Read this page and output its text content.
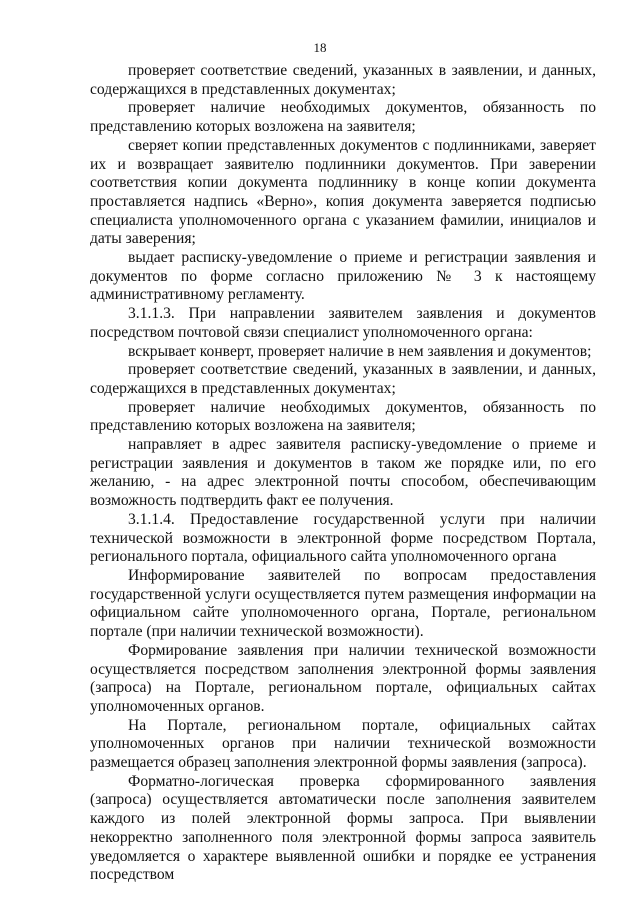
18

проверяет соответствие сведений, указанных в заявлении, и данных, содержащихся в представленных документах;

проверяет наличие необходимых документов, обязанность по представлению которых возложена на заявителя;

сверяет копии представленных документов с подлинниками, заверяет их и возвращает заявителю подлинники документов. При заверении соответствия копии документа подлиннику в конце копии документа проставляется надпись «Верно», копия документа заверяется подписью специалиста уполномоченного органа с указанием фамилии, инициалов и даты заверения;

выдает расписку-уведомление о приеме и регистрации заявления и документов по форме согласно приложению № 3 к настоящему административному регламенту.

3.1.1.3. При направлении заявителем заявления и документов посредством почтовой связи специалист уполномоченного органа:

вскрывает конверт, проверяет наличие в нем заявления и документов;

проверяет соответствие сведений, указанных в заявлении, и данных, содержащихся в представленных документах;

проверяет наличие необходимых документов, обязанность по представлению которых возложена на заявителя;

направляет в адрес заявителя расписку-уведомление о приеме и регистрации заявления и документов в таком же порядке или, по его желанию, - на адрес электронной почты способом, обеспечивающим возможность подтвердить факт ее получения.

3.1.1.4. Предоставление государственной услуги при наличии технической возможности в электронной форме посредством Портала, регионального портала, официального сайта уполномоченного органа

Информирование заявителей по вопросам предоставления государственной услуги осуществляется путем размещения информации на официальном сайте уполномоченного органа, Портале, региональном портале (при наличии технической возможности).

Формирование заявления при наличии технической возможности осуществляется посредством заполнения электронной формы заявления (запроса) на Портале, региональном портале, официальных сайтах уполномоченных органов.

На Портале, региональном портале, официальных сайтах уполномоченных органов при наличии технической возможности размещается образец заполнения электронной формы заявления (запроса).

Форматно-логическая проверка сформированного заявления (запроса) осуществляется автоматически после заполнения заявителем каждого из полей электронной формы запроса. При выявлении некорректно заполненного поля электронной формы запроса заявитель уведомляется о характере выявленной ошибки и порядке ее устранения посредством
